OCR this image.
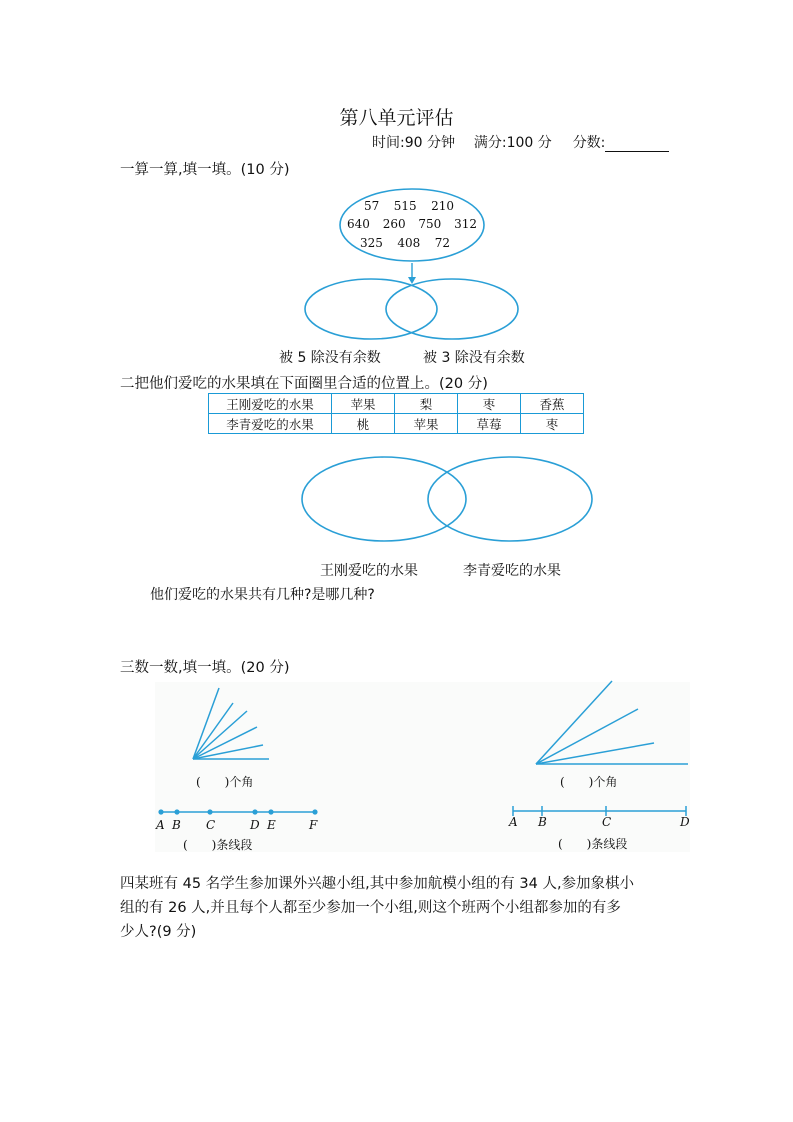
第八单元评估
时间:90 分钟 满分:100 分 分数:
一算一算,填一填。(10 分)
57 515 210
640 260 750 312
325 408 72
被 5 除没有余数	被 3 除没有余数
二把他们爱吃的水果填在下面圈里合适的位置上。(20 分)
王刚爱吃的水果	苹果	梨	枣	香蕉
李青爱吃的水果	桃	苹果	草莓	枣
王刚爱吃的水果	李青爱吃的水果
他们爱吃的水果共有几种?是哪几种?
三数一数,填一填。(20 分)
(　　)个角	(　　)个角
A B C	D E	F
(　　)条线段
A B	C	D
(　　)条线段
四某班有 45 名学生参加课外兴趣小组,其中参加航模小组的有 34 人,参加象棋小
组的有 26 人,并且每个人都至少参加一个小组,则这个班两个小组都参加的有多
少人?(9 分)
